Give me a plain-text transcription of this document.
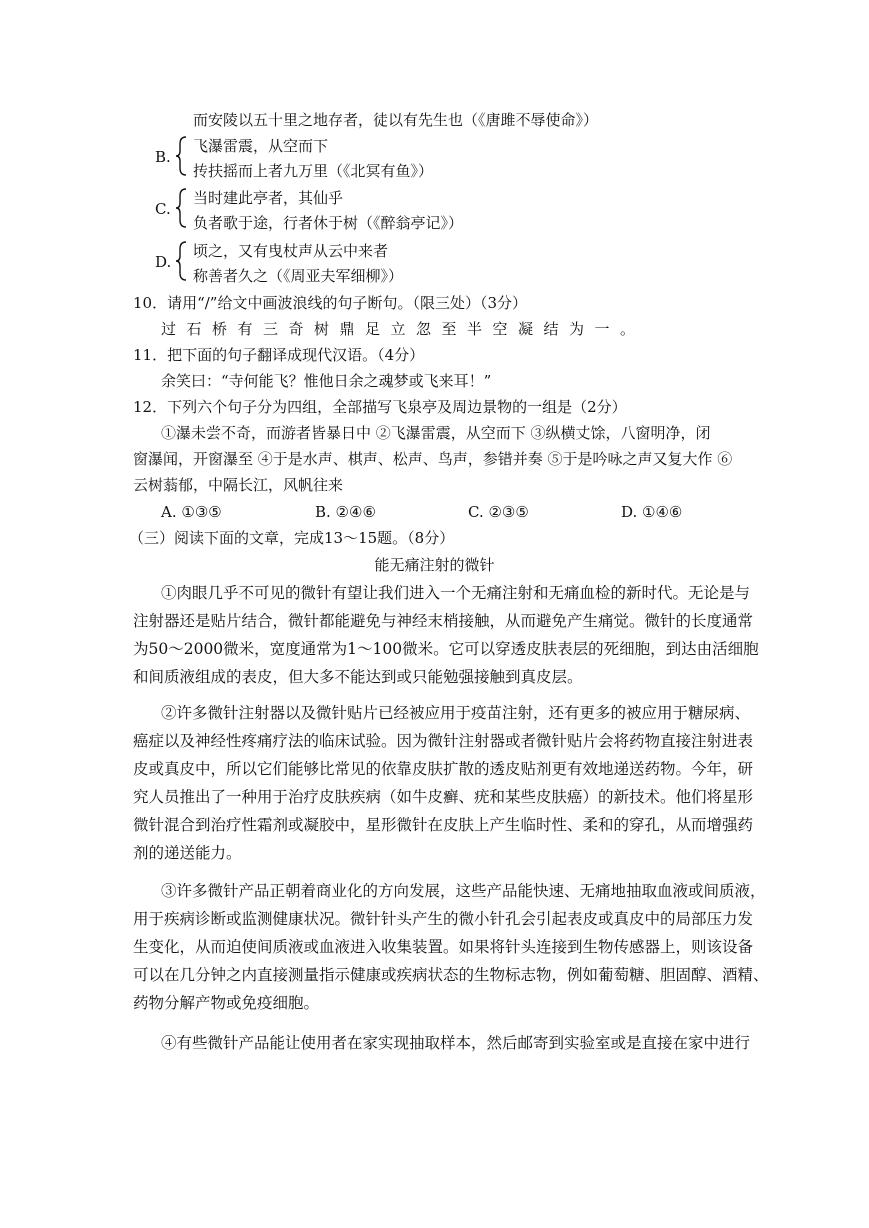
而安陵以五十里之地存者，徒以有先生也（《唐雎不辱使命》）
B.
飞瀑雷震，从空而下
抟扶摇而上者九万里（《北冥有鱼》）
C.
当时建此亭者，其仙乎
负者歌于途，行者休于树（《醉翁亭记》）
D.
顷之，又有曳杖声从云中来者
称善者久之（《周亚夫军细柳》）
10．请用“/”给文中画波浪线的句子断句。（限三处）（3分）
过石桥有三奇树鼎足立忽至半空凝结为一。
11．把下面的句子翻译成现代汉语。（4分）
余笑曰：“寺何能飞？惟他日余之魂梦或飞来耳！”
12．下列六个句子分为四组，全部描写飞泉亭及周边景物的一组是（2分）
①瀑未尝不奇，而游者皆暴日中 ②飞瀑雷震，从空而下 ③纵横丈馀，八窗明净，闭
窗瀑闻，开窗瀑至 ④于是水声、棋声、松声、鸟声，参错并奏 ⑤于是吟咏之声又复大作 ⑥
云树蓊郁，中隔长江，风帆往来
A. ①③⑤	B. ②④⑥	C. ②③⑤	D. ①④⑥
（三）阅读下面的文章，完成13～15题。（8分）
能无痛注射的微针
①肉眼几乎不可见的微针有望让我们进入一个无痛注射和无痛血检的新时代。无论是与
注射器还是贴片结合，微针都能避免与神经末梢接触，从而避免产生痛觉。微针的长度通常
为50～2000微米，宽度通常为1～100微米。它可以穿透皮肤表层的死细胞，到达由活细胞
和间质液组成的表皮，但大多不能达到或只能勉强接触到真皮层。
②许多微针注射器以及微针贴片已经被应用于疫苗注射，还有更多的被应用于糖尿病、
癌症以及神经性疼痛疗法的临床试验。因为微针注射器或者微针贴片会将药物直接注射进表
皮或真皮中，所以它们能够比常见的依靠皮肤扩散的透皮贴剂更有效地递送药物。今年，研
究人员推出了一种用于治疗皮肤疾病（如牛皮癣、疣和某些皮肤癌）的新技术。他们将星形
微针混合到治疗性霜剂或凝胶中，星形微针在皮肤上产生临时性、柔和的穿孔，从而增强药
剂的递送能力。
③许多微针产品正朝着商业化的方向发展，这些产品能快速、无痛地抽取血液或间质液，
用于疾病诊断或监测健康状况。微针针头产生的微小针孔会引起表皮或真皮中的局部压力发
生变化，从而迫使间质液或血液进入收集装置。如果将针头连接到生物传感器上，则该设备
可以在几分钟之内直接测量指示健康或疾病状态的生物标志物，例如葡萄糖、胆固醇、酒精、
药物分解产物或免疫细胞。
④有些微针产品能让使用者在家实现抽取样本，然后邮寄到实验室或是直接在家中进行
